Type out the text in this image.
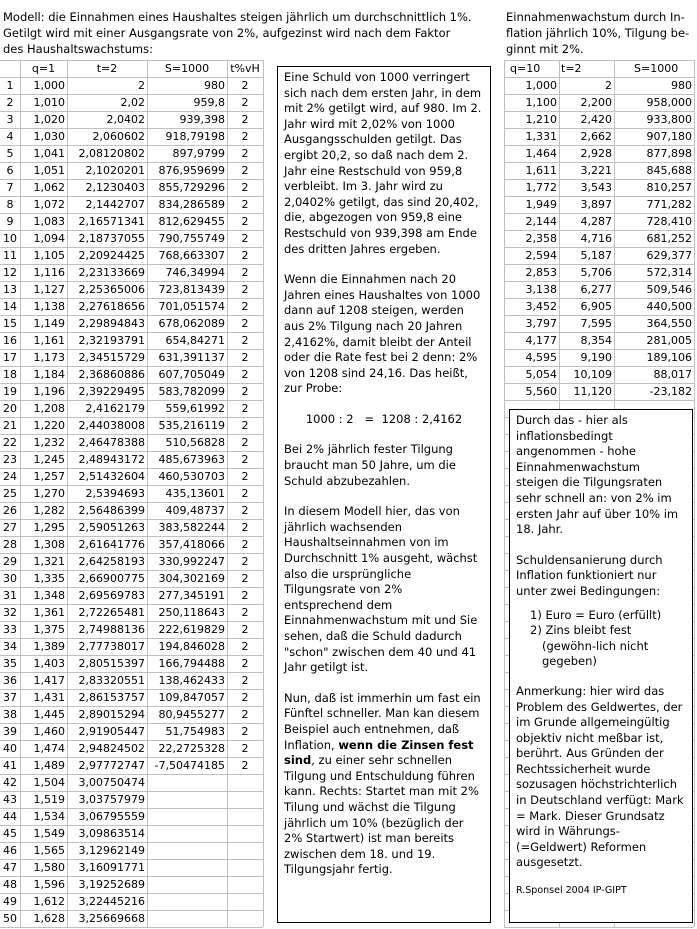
Modell: die Einnahmen eines Haushaltes steigen jährlich um durchschnittlich 1%.
Getilgt wird mit einer Ausgangsrate von 2%, aufgezinst wird nach dem Faktor
des Haushaltswachstums:
Einnahmenwachstum durch In-
flation jährlich 10%, Tilgung be-
ginnt mit 2%.
q=1	t=2	S=1000	t%vH	q=10 t=2	S=1000
1	1,000	2	980	2
2	1,010	2,02	959,8	2
3	1,020	2,0402	939,398	2
4	1,030	2,060602	918,79198	2
5	1,041	2,08120802	897,9799	2
6	1,051	2,1020201	876,959699	2
7	1,062	2,1230403	855,729296	2
8	1,072	2,1442707	834,286589	2
9	1,083	2,16571341	812,629455	2
10	1,094	2,18737055	790,755749	2
11	1,105	2,20924425	768,663307	2
12	1,116	2,23133669	746,34994	2
13	1,127	2,25365006	723,813439	2
14	1,138	2,27618656	701,051574	2
15	1,149	2,29894843	678,062089	2
16	1,161	2,32193791	654,84271	2
17	1,173	2,34515729	631,391137	2
18	1,184	2,36860886	607,705049	2
19	1,196	2,39229495	583,782099	2
20	1,208	2,4162179	559,61992	2
21	1,220	2,44038008	535,216119	2
22	1,232	2,46478388	510,56828	2
23	1,245	2,48943172	485,673963	2
24	1,257	2,51432604	460,530703	2
25	1,270	2,5394693	435,13601	2
26	1,282	2,56486399	409,48737	2
27	1,295	2,59051263	383,582244	2
28	1,308	2,61641776	357,418066	2
29	1,321	2,64258193	330,992247	2
30	1,335	2,66900775	304,302169	2
31	1,348	2,69569783	277,345191	2
32	1,361	2,72265481	250,118643	2
33	1,375	2,74988136	222,619829	2
34	1,389	2,77738017	194,846028	2
35	1,403	2,80515397	166,794488	2
36	1,417	2,83320551	138,462433	2
37	1,431	2,86153757	109,847057	2
38	1,445	2,89015294	80,9455277	2
39	1,460	2,91905447	51,754983	2
40	1,474	2,94824502	22,2725328	2
41	1,489	2,97772747 -7,50474185	2
42	1,504	3,00750474
43	1,519	3,03757979
44	1,534	3,06795559
45	1,549	3,09863514
46	1,565	3,12962149
47	1,580	3,16091771
48	1,596	3,19252689
49	1,612	3,22445216
50	1,628	3,25669668
1,000	2	980
1,100	2,200	958,000
1,210	2,420	933,800
1,331	2,662	907,180
1,464	2,928	877,898
1,611	3,221	845,688
1,772	3,543	810,257
1,949	3,897	771,282
2,144	4,287	728,410
2,358	4,716	681,252
2,594	5,187	629,377
2,853	5,706	572,314
3,138	6,277	509,546
3,452	6,905	440,500
3,797	7,595	364,550
4,177	8,354	281,005
4,595	9,190	189,106
5,054	10,109	88,017
5,560	11,120	-23,182

Eine Schuld von 1000 verringert sich nach dem ersten Jahr, in dem mit 2% getilgt wird, auf 980. Im 2. Jahr wird mit 2,02% von 1000 Ausgangsschulden getilgt. Das ergibt 20,2, so daß nach dem 2. Jahr eine Restschuld von 959,8 verbleibt. Im 3. Jahr wird zu 2,0402% getilgt, das sind 20,402, die, abgezogen von 959,8 eine Restschuld von 939,398 am Ende des dritten Jahres ergeben.

Wenn die Einnahmen nach 20 Jahren eines Haushaltes von 1000 dann auf 1208 steigen, werden aus 2% Tilgung nach 20 Jahren 2,4162%, damit bleibt der Anteil oder die Rate fest bei 2 denn: 2% von 1208 sind 24,16. Das heißt, zur Probe:

1000 : 2   =  1208 : 2,4162

Bei 2% jährlich fester Tilgung braucht man 50 Jahre, um die Schuld abzubezahlen.

In diesem Modell hier, das von jährlich wachsenden Haushaltseinnahmen von im Durchschnitt 1% ausgeht, wächst also die ursprüngliche Tilgungsrate von 2% entsprechend dem Einnahmenwachstum mit und Sie sehen, daß die Schuld dadurch "schon" zwischen dem 40 und 41 Jahr getilgt ist.

Nun, daß ist immerhin um fast ein Fünftel schneller. Man kan diesem Beispiel auch entnehmen, daß Inflation, wenn die Zinsen fest sind, zu einer sehr schnellen Tilgung und Entschuldung führen kann. Rechts: Startet man mit 2% Tilung und wächst die Tilgung jährlich um 10% (bezüglich der 2% Startwert) ist man bereits zwischen dem 18. und 19. Tilgungsjahr fertig.

Durch das - hier als inflationsbedingt angenommen - hohe Einnahmenwachstum steigen die Tilgungsraten sehr schnell an: von 2% im ersten Jahr auf über 10% im 18. Jahr.

Schuldensanierung durch Inflation funktioniert nur unter zwei Bedingungen:

1) Euro = Euro (erfüllt)
2) Zins bleibt fest (gewöhn-lich nicht gegeben)

Anmerkung: hier wird das Problem des Geldwertes, der im Grunde allgemeingültig objektiv nicht meßbar ist, berührt. Aus Gründen der Rechtssicherheit wurde sozusagen höchstrichterlich in Deutschland verfügt: Mark = Mark. Dieser Grundsatz wird in Währungs-(=Geldwert) Reformen ausgesetzt.

R.Sponsel 2004 IP-GIPT
